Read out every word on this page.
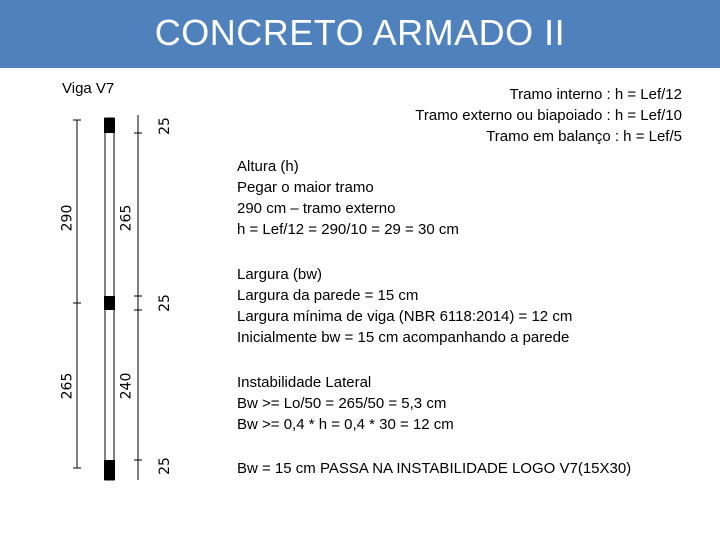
CONCRETO ARMADO II
Viga V7	Tramo interno : h = Lef/12
Tramo externo ou biapoiado : h = Lef/10
Tramo em balanço : h = Lef/5
Altura (h)
Pegar o maior tramo
290 cm – tramo externo
h = Lef/12 = 290/10 = 29 = 30 cm
Largura (bw)
Largura da parede = 15 cm
Largura mínima de viga (NBR 6118:2014) = 12 cm
Inicialmente bw = 15 cm acompanhando a parede
Instabilidade Lateral
Bw >= Lo/50 = 265/50 = 5,3 cm
Bw >= 0,4 * h = 0,4 * 30 = 12 cm
Bw = 15 cm PASSA NA INSTABILIDADE LOGO V7(15X30)
25
290	265
25
265	240
25
